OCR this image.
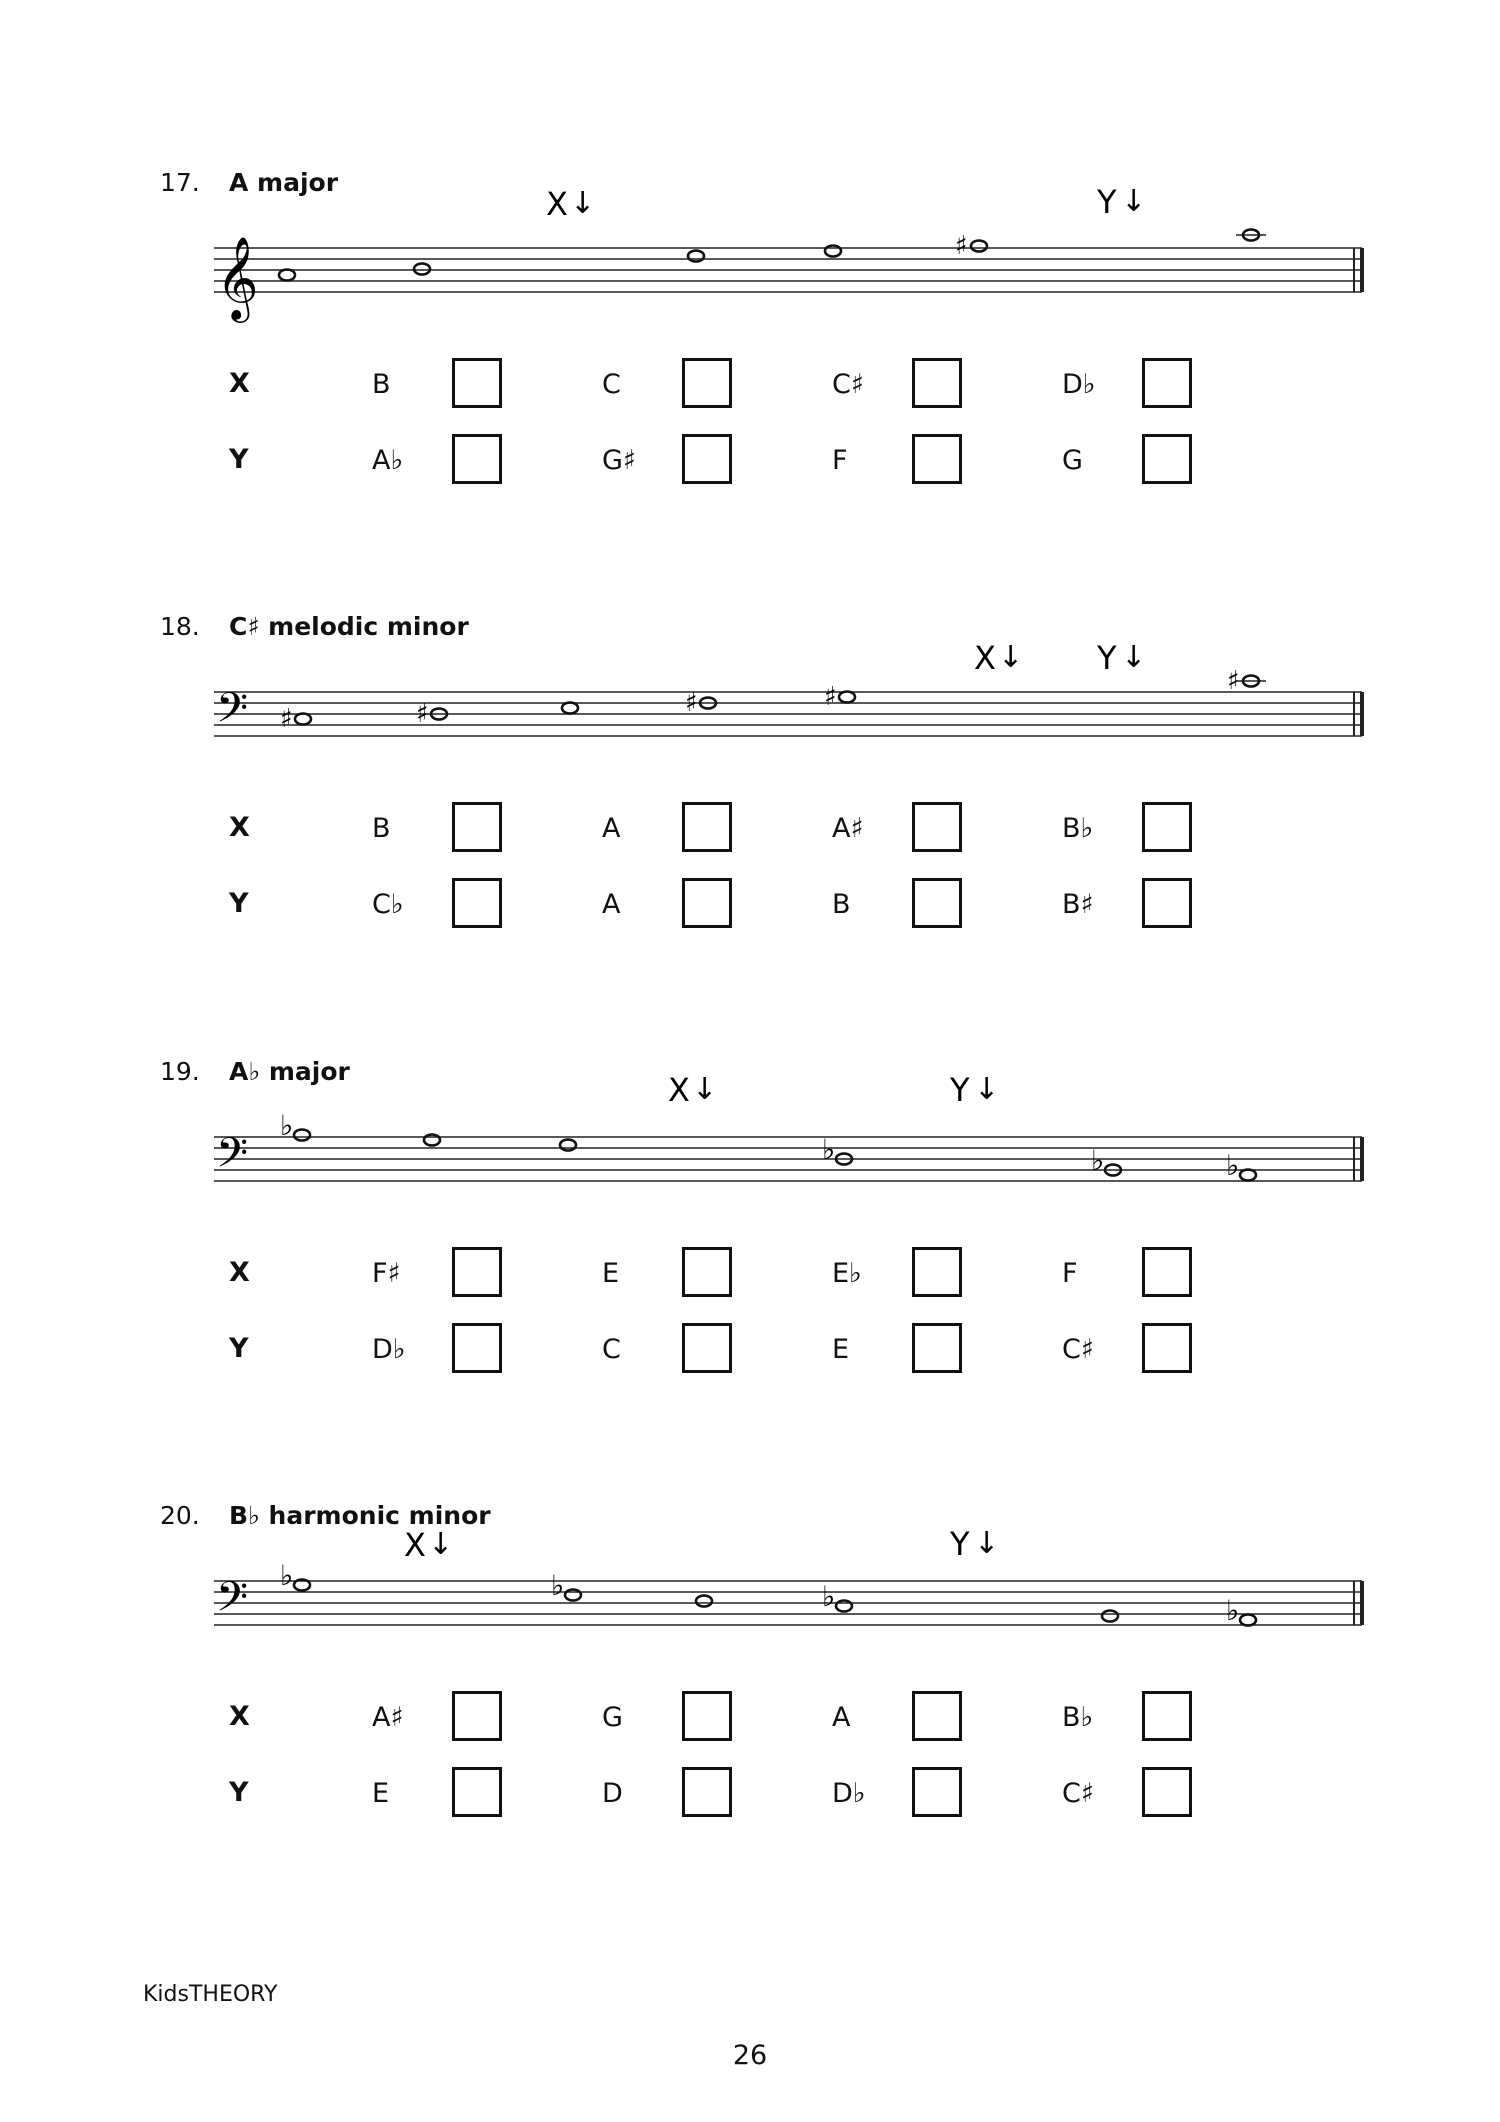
17. A major
𝄞
X ↓	Y ↓
♯
X	B	C	C♯	D♭
Y	A♭	G♯	F	G
18. C♯ melodic minor
𝄢
X ↓ Y ↓
♯	♯	♯	♯
♯
X	B	A	A♯	B♭
Y	C♭	A	B	B♯
19. A♭ major
𝄢
X ↓	Y ↓
♭
♭	♭	♭
X	F♯	E	E♭	F
Y	D♭	C	E	C♯
20. B♭ harmonic minor
𝄢
X ↓	Y ↓
♭	♭	♭	♭
X	A♯	G	A	B♭
Y	E	D	D♭	C♯
KidsTHEORY
26
